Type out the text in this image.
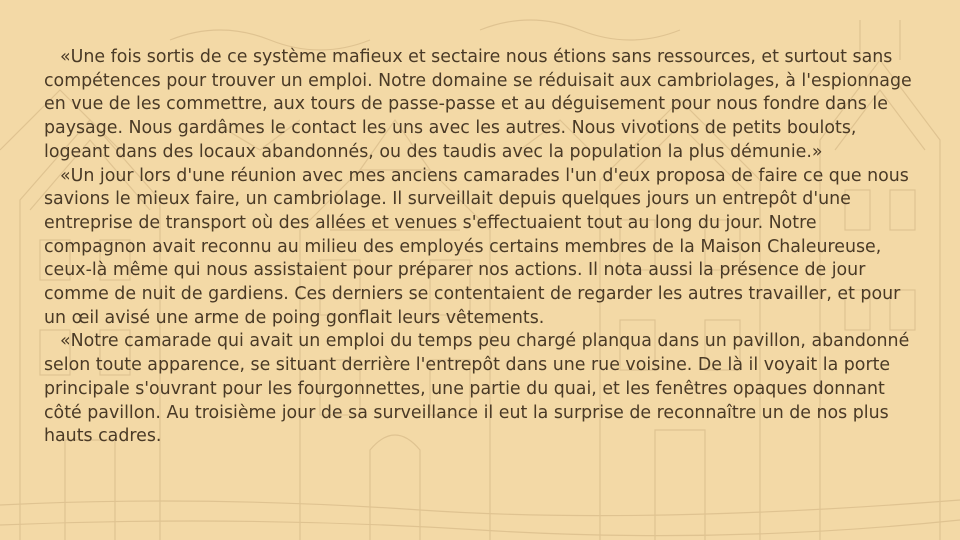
«Une fois sortis de ce système mafieux et sectaire nous étions sans ressources, et surtout sans compétences pour trouver un emploi. Notre domaine se réduisait aux cambriolages, à l'espionnage en vue de les commettre, aux tours de passe-passe et au déguisement pour nous fondre dans le paysage. Nous gardâmes le contact les uns avec les autres. Nous vivotions de petits boulots, logeant dans des locaux abandonnés, ou des taudis avec la population la plus démunie.»

«Un jour lors d'une réunion avec mes anciens camarades l'un d'eux proposa de faire ce que nous savions le mieux faire, un cambriolage. Il surveillait depuis quelques jours un entrepôt d'une entreprise de transport où des allées et venues s'effectuaient tout au long du jour. Notre compagnon avait reconnu au milieu des employés certains membres de la Maison Chaleureuse, ceux-là même qui nous assistaient pour préparer nos actions. Il nota aussi la présence de jour comme de nuit de gardiens. Ces derniers se contentaient de regarder les autres travailler, et pour un œil avisé une arme de poing gonflait leurs vêtements.

«Notre camarade qui avait un emploi du temps peu chargé planqua dans un pavillon, abandonné selon toute apparence, se situant derrière l'entrepôt dans une rue voisine. De là il voyait la porte principale s'ouvrant pour les fourgonnettes, une partie du quai, et les fenêtres opaques donnant côté pavillon. Au troisième jour de sa surveillance il eut la surprise de reconnaître un de nos plus hauts cadres.
